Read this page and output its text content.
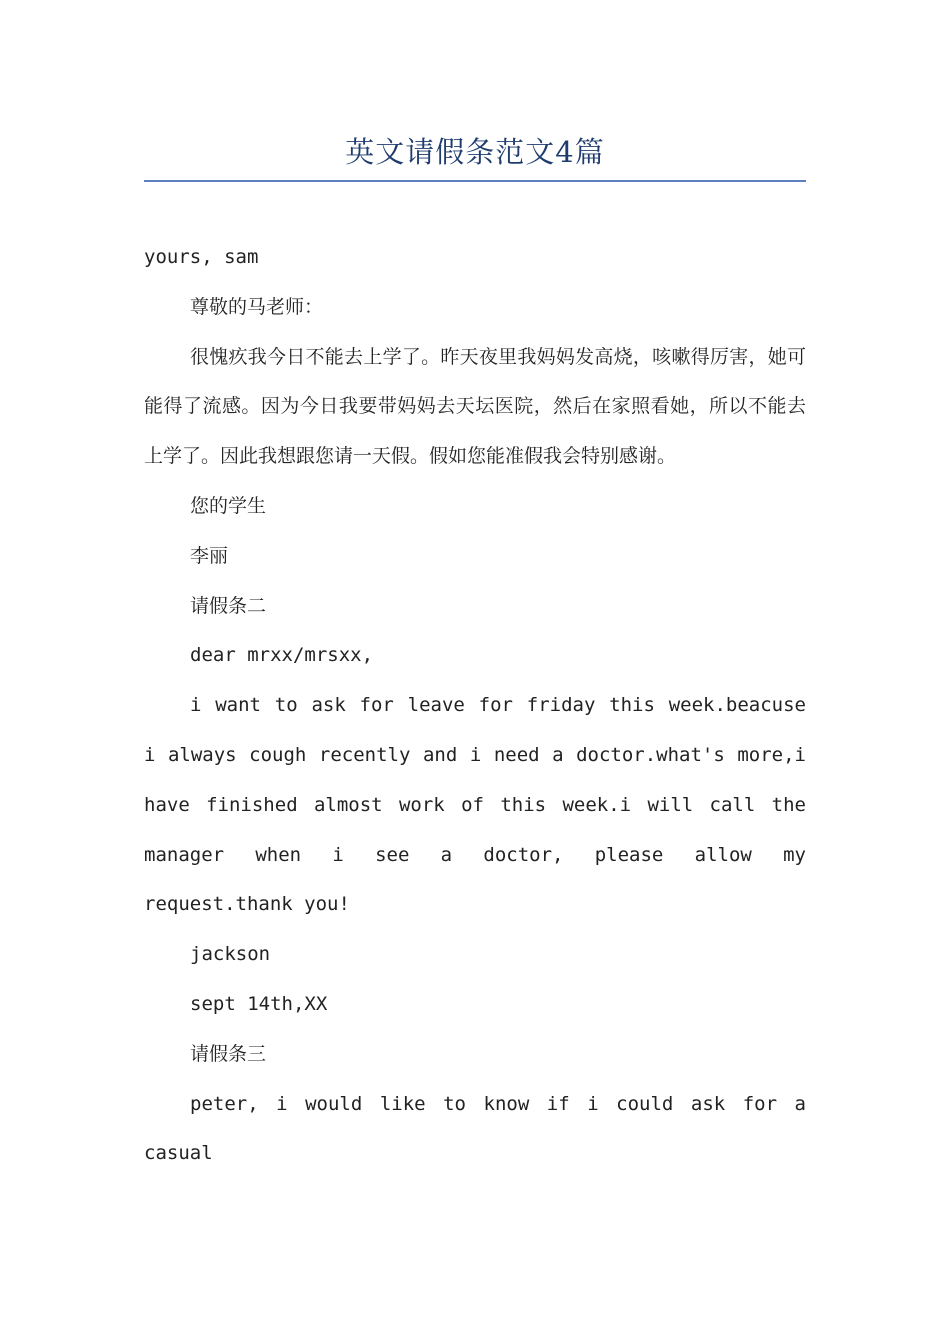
英文请假条范文4篇

yours, sam

尊敬的马老师：

很愧疚我今日不能去上学了。昨天夜里我妈妈发高烧，咳嗽得厉害，她可能得了流感。因为今日我要带妈妈去天坛医院，然后在家照看她，所以不能去上学了。因此我想跟您请一天假。假如您能准假我会特别感谢。

您的学生

李丽

请假条二

dear mrxx/mrsxx,

i want to ask for leave for friday this week.beacuse i always cough recently and i need a doctor.what's more,i have finished almost work of this week.i will call the manager when i see a doctor, please allow my request.thank you!

jackson

sept 14th,XX

请假条三

peter, i would like to know if i could ask for a casual
